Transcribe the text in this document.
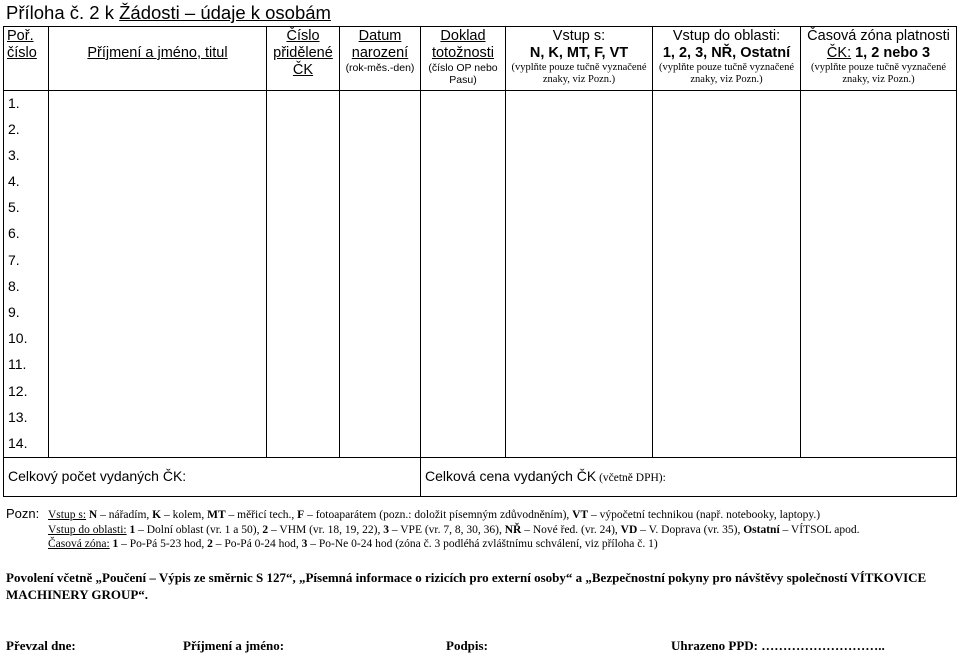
Příloha č. 2 k Žádosti – údaje k osobám
Poř.
číslo	Příjmení a jméno, titul	Číslo
přidělené
ČK	Datum
narození
(rok-měs.-den)	Doklad
totožnosti
(číslo OP nebo
Pasu)	Vstup s:
N, K, MT, F, VT
(vyplňte pouze tučně vyznačené znaky, viz Pozn.)	Vstup do oblasti:
1, 2, 3, NŘ, Ostatní
(vyplňte pouze tučně vyznačené znaky, viz Pozn.)	Časová zóna platnosti
ČK: 1, 2 nebo 3
(vyplňte pouze tučně vyznačené znaky, viz Pozn.)

1.							
2.							
3.							
4.							
5.							
6.							
7.							
8.							
9.							
10.							
11.							
12.							
13.							
14.							
Celkový počet vydaných ČK:				Celková cena vydaných ČK (včetně DPH):			
Pozn: Vstup s: N – nářadím, K – kolem, MT – měřicí tech., F – fotoaparátem (pozn.: doložit písemným zdůvodněním), VT – výpočetní technikou (např. notebooky, laptopy.)
Vstup do oblasti: 1 – Dolní oblast (vr. 1 a 50), 2 – VHM (vr. 18, 19, 22), 3 – VPE (vr. 7, 8, 30, 36), NŘ – Nové řed. (vr. 24), VD – V. Doprava (vr. 35), Ostatní – VÍTSOL apod.
Časová zóna: 1 – Po-Pá 5-23 hod, 2 – Po-Pá 0-24 hod, 3 – Po-Ne 0-24 hod (zóna č. 3 podléhá zvláštnímu schválení, viz příloha č. 1)
Povolení včetně „Poučení – Výpis ze směrnic S 127“, „Písemná informace o rizicích pro externí osoby“ a „Bezpečnostní pokyny pro návštěvy společností VÍTKOVICE MACHINERY GROUP“.
Převzal dne:	Příjmení a jméno:	Podpis:	Uhrazeno PPD: ………………………..
